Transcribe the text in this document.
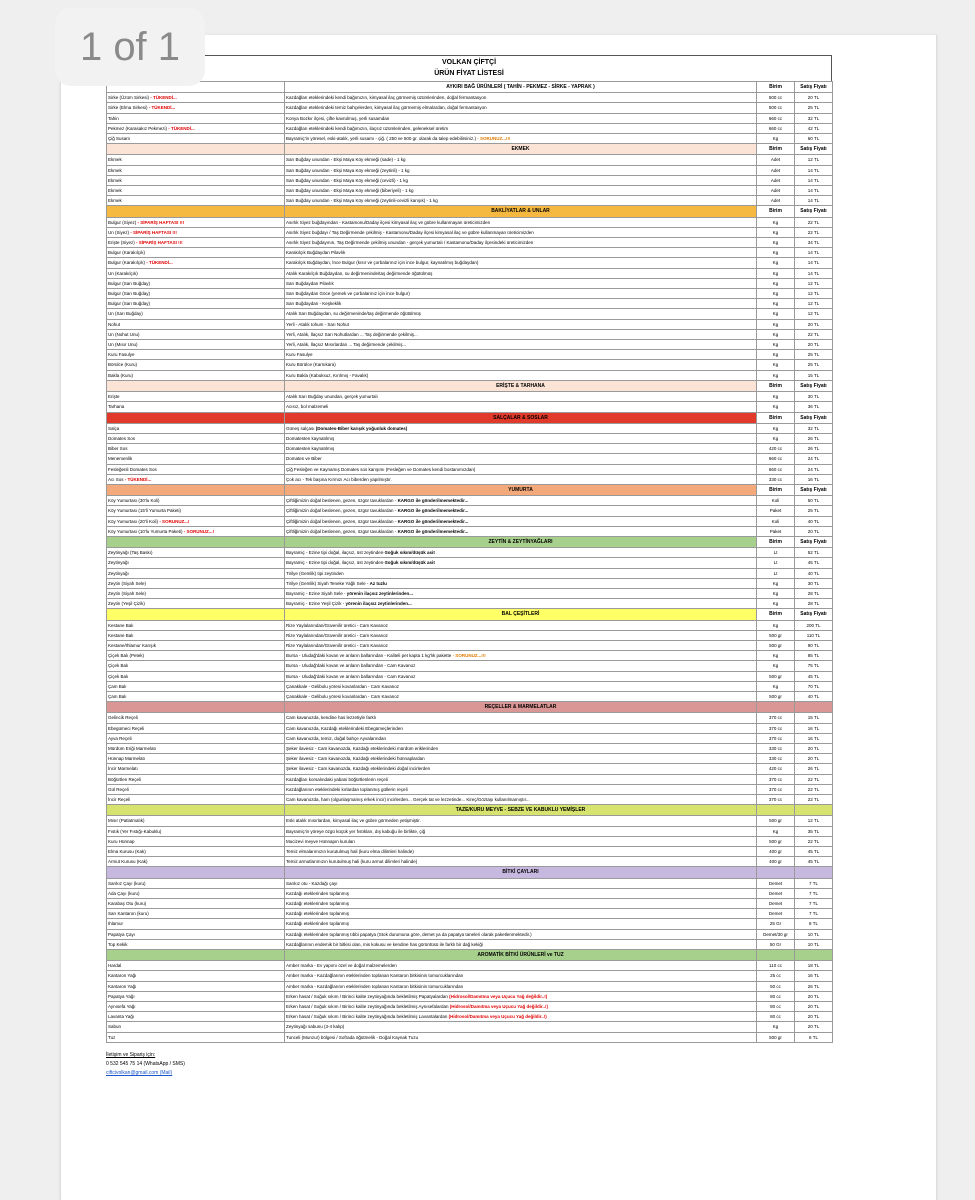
1 of 1	VOLKAN ÇİFTÇİ
ÜRÜN FİYAT LİSTESİ
	AYKIRI BAĞ ÜRÜNLERİ ( TAHİN - PEKMEZ - SİRKE - YAPRAK )	Birim	Satış Fiyatı
Sirke (Üzüm Sirkesi) - TÜKENDİ...	Kazdağları eteklerindeki kendi bağımızın, kimyasal ilaç görmemiş üzümlerinden, doğal fermantasyon	500 cc	20 TL
Sirke (Elma Sirkesi) - TÜKENDİ...	Kazdağları eteklerindeki temiz bahçelerden, kimyasal ilaç görmemiş elmalardan, doğal fermantasyon	500 cc	25 TL
Tahin	Konya Bozkır ilçesi, çifte kavrulmuş, yerli susamdan	660 cc	32 TL
Pekmez (Karasakız Pekmezi) - TÜKENDİ...	Kazdağları eteklerindeki kendi bağımızın, ilaçsız üzümlerinden, geleneksel üretim	660 cc	42 TL
Çiğ Susam	Bayramiç'in yöresel, eski-atalık, yerli susamı - çiğ. ( 250 ve 500 gr. olarak da talep edebilirsiniz.) - SORUNUZ...!!!	Kg	60 TL
	EKMEK	Birim	Satış Fiyatı
Ekmek	Sarı Buğday unundan - Ekşi Maya Köy ekmeği (sade) - 1 kg	Adet	12 TL
Ekmek	Sarı Buğday unundan - Ekşi Maya Köy ekmeği (zeytinli) - 1 kg	Adet	14 TL
Ekmek	Sarı Buğday unundan - Ekşi Maya Köy ekmeği (cevizli) - 1 kg	Adet	14 TL
Ekmek	Sarı Buğday unundan - Ekşi Maya Köy ekmeği (biberiyeli) - 1 kg	Adet	14 TL
Ekmek	Sarı Buğday unundan - Ekşi Maya Köy ekmeği (zeytinli-cevizli karışık) - 1 kg	Adet	14 TL
	BAKLİYATLAR & UNLAR	Birim	Satış Fiyatı
Bulgur (Siyez) - SİPARİŞ HAFTASI !!!	Asırlık Siyez buğdayından - Kastamonu/Daday ilçesi kimyasal ilaç ve gübre kullanmayan üreticimizden	Kg	22 TL
Un (Siyez) - SİPARİŞ HAFTASI !!!	Asırlık Siyez buğdayı / Taş Değirmende çekilmiş - Kastamonu/Daday ilçesi kimyasal ilaç ve gübre kullanmayan üreticimizden	Kg	22 TL
Erişte (Siyez) - SİPARİŞ HAFTASI !!!	Asırlık Siyez buğdayının, Taş Değirmende çekilmiş unundan - gerçek yumurtalı / Kastamonu/Daday ilçesindeki üreticimizden	Kg	34 TL
Bulgur (Karakılçık)	Karakılçık Buğdaydan Pilavlık	Kg	14 TL
Bulgur (Karakılçık) - TÜKENDİ...	Karakılçık Buğdaydan, İnce Bulgur (kısır ve çorbalarınız için ince bulgur, kaynatılmış buğdaydan)	Kg	14 TL
Un (Karakılçık)	Atalık Karakılçık Buğdaydan, su değirmeninde/taş değirmende öğütülmüş	Kg	14 TL
Bulgur (Sarı Buğday)	Sarı Buğdaydan Pilavlık	Kg	12 TL
Bulgur (Sarı Buğday)	Sarı Buğdaydan Göce (yemek ve çorbalarınız için ince bulgur)	Kg	12 TL
Bulgur (Sarı Buğday)	Sarı Buğdaydan - Keşkeklik	Kg	12 TL
Un (Sarı Buğday)	Atalık Sarı Buğdaydan, su değirmeninde/taş değirmende öğütülmüş	Kg	12 TL
Nohut	Yerli - Atalık tohum - Sarı Nohut	Kg	20 TL
Un (Nohut Unu)	Yerli, Atalık, İlaçsız Sarı Nohutlardan ... Taş değirmende çekilmiş...	Kg	22 TL
Un (Mısır Unu)	Yerli, Atalık, İlaçsız Mısırlardan ... Taş değirmende çekilmiş...	Kg	20 TL
Kuru Fasulye	Kuru Fasulye	Kg	25 TL
Börülce (Kuru)	Kuru Börülce (Karnıkara)	Kg	25 TL
Bakla (Kuru)	Kuru Bakla (Kabuksuz, Kırılmış - Favalık)	Kg	15 TL
	ERİŞTE & TARHANA	Birim	Satış Fiyatı
Erişte	Atalık Sarı Buğday unundan, gerçek yumurtalı	Kg	30 TL
Tarhana	Acısız, bol malzemeli	Kg	36 TL
	SALÇALAR & SOSLAR	Birim	Satış Fiyatı
Salça	Güneş salçası (Domates-Biber karışık yoğunluk domates)	Kg	32 TL
Domates Sos	Domatesten kaynatılmış	Kg	26 TL
Biber Sos	Domatesten kaynatılmış	420 cc	26 TL
Menemenlik	Domates ve Biber	660 cc	24 TL
Fesleğenli Domates Sos	Çiğ Fesleğen ve Kaynamış Domates sos karışımı (Fesleğen ve Domates kendi bostanımızdan)	660 cc	24 TL
Acı Sos - TÜKENDİ...	Çok acı - Tek başına Kırmızı Acı biberden yapılmıştır.	330 cc	16 TL
	YUMURTA	Birim	Satış Fiyatı
Köy Yumurtası (30'lu Koli)	Çiftliğimizin doğal beslenen, gezen, özgür tavuklardan - KARGO ile gönderilmemektedir...	Koli	50 TL
Köy Yumurtası (15'li Yumurta Paketi)	Çiftliğimizin doğal beslenen, gezen, özgür tavuklardan - KARGO ile gönderilmemektedir...	Paket	25 TL
Köy Yumurtası (20'li Koli) - SORUNUZ...!	Çiftliğimizin doğal beslenen, gezen, özgür tavuklardan - KARGO ile gönderilmemektedir...	Koli	40 TL
Köy Yumurtası (10'lu Yumurta Paketi) - SORUNUZ...!	Çiftliğimizin doğal beslenen, gezen, özgür tavuklardan - KARGO ile gönderilmemektedir...	Paket	20 TL
	ZEYTİN & ZEYTİNYAĞLARI	Birim	Satış Fiyatı
Zeytinyağı (Taş Baskı)	Bayramiç - Ezine tipi doğal, ilaçsız, üst zeytinden-Soğuk sıkım/düşük asit	Lt	52 TL
Zeytinyağı	Bayramiç - Ezine tipi doğal, ilaçsız, üst zeytinden-Soğuk sıkım/düşük asit	Lt	45 TL
Zeytinyağı	Tirilye (Gemlik) tipi zeytinden	Lt	40 TL
Zeytin (Siyah Sele)	Tirilye (Gemlik) Siyah Teneke Yağlı Sele - Az tuzlu	Kg	30 TL
Zeytin (Siyah Sele)	Bayramiç - Ezine Siyah Sele - yörenin ilaçsız zeytinlerinden...	Kg	28 TL
Zeytin (Yeşil Çizik)	Bayramiç - Ezine Yeşil Çizik - yörenin ilaçsız zeytinlerinden...	Kg	28 TL
	BAL ÇEŞİTLERİ	Birim	Satış Fiyatı
Kestane Balı	Rize Yaylalarından/Güvenilir üretici - Cam Kavanoz	Kg	200 TL
Kestane Balı	Rize Yaylalarından/Güvenilir üretici - Cam Kavanoz	500 gr	110 TL
Kestane/Ihlamur Karışık	Rize Yaylalarından/Güvenilir üretici - Cam Kavanoz	500 gr	90 TL
Çiçek Balı (Petek)	Bursa - Uludağ'daki kovan ve arıların ballarından - Kaliteli pet kapta 1 kg'lık pakette - SORUNUZ...!!!	Kg	85 TL
Çiçek Balı	Bursa - Uludağ'daki kovan ve arıların ballarından - Cam Kavanoz	Kg	75 TL
Çiçek Balı	Bursa - Uludağ'daki kovan ve arıların ballarından - Cam Kavanoz	500 gr	45 TL
Çam Balı	Çanakkale - Gelibolu yöresi kovanlardan - Cam Kavanoz	Kg	70 TL
Çam Balı	Çanakkale - Gelibolu yöresi kovanlardan - Cam Kavanoz	500 gr	40 TL
	REÇELLER & MARMELATLAR		
Gelincik Reçeli	Cam kavanozda, kendine has lezzetiyle farklı	370 cc	15 TL
Ebegümeci Reçeli	Cam kavanozda, Kazdağı eteklerindeki Ebegümeçlerinden	370 cc	16 TL
Ayva Reçeli	Cam kavanozda, temiz, doğal bahçe Ayvalarından	370 cc	16 TL
Mürdüm Eriği Marmelatı	Şeker ilavesiz - Cam kavanozda, Kazdağı eteklerindeki mürdüm eriklerinden	330 cc	20 TL
Hünnap Marmelatı	Şeker ilavesiz - Cam kavanozda, Kazdağı eteklerindeki hünnaplardan	330 cc	20 TL
İncir Marmelatı	Şeker ilavesiz - Cam kavanozda, Kazdağı eteklerindeki doğal incirlerden	420 cc	26 TL
Böğürtlen Reçeli	Kazdağları korsalındaki yabani böğürtlenlerin reçeli	370 cc	22 TL
Gül Reçeli	Kazdağlarının eteklerindeki kırlardan toplanmış güllerin reçeli	370 cc	22 TL
İncir Reçeli	Cam kavanozda, ham (olgunlaşmamış erkek incir) incirlerden... Gerçek tat ve lezzetinde... Kireç/Göztaşı kullanılmamıştır...	370 cc	22 TL
	TAZE/KURU MEYVE - SEBZE VE KABUKLU YEMİŞLER		
Mısır (Patlatmalık)	Eski atalık mısırlardan, kimyasal ilaç ve gübre görmeden yetişmiştir.	500 gr	12 TL
Fıstık (Yer Fıstığı-Kabuklu)	Bayramiç'in yöreye özgü küçük yer fıstıkları, dış kabuğu ile birlikte, çiğ	Kg	35 TL
Kuru Hünnap	Mucizevi meyve Hünnapın kuruları	500 gr	22 TL
Elma Kurusu (Kak)	Temiz elmalarımızın kurutulmuş hali (kuru elma dilimleri halinde)	400 gr	45 TL
Armut Kurusu (Kak)	Temiz armutlarımızın kurutulmuş hali (kuru armut dilimleri halinde)	400 gr	45 TL
	BİTKİ ÇAYLARI		
Sarıkız Çayı (kuru)	Sarıkız otu - Kazdağı çayı	Demet	7 TL
Ada Çayı (kuru)	Kazdağı eteklerinden toplanmış	Demet	7 TL
Karabaş Otu (kuru)	Kazdağı eteklerinden toplanmış	Demet	7 TL
Sarı Kantaron (kuru)	Kazdağı eteklerinden toplanmış	Demet	7 TL
Ihlamur	Kazdağı eteklerinden toplanmış	25 Gr	8 TL
Papatya Çayı	Kazdağı eteklerinden toplanmış tıbbi papatya (Stok durumuna göre, demet ya da papatya taneleri olarak paketlenmektedir.)	Demet/30 gr	10 TL
Top Kekik	Kazdağlarının endemik bir bitkisi olan, mis kokusu ve kendine has görüntüsü ile farklı bir dağ kekiği	50 Gr	10 TL
	AROMATİK BİTKİ ÜRÜNLERİ ve TUZ		
Hardal	Amber marka - Ev yapımı özel ve doğal malzemelerden	110 cc	18 TL
Kantaron Yağı	Amber marka - Kazdağlarının eteklerinden toplanan Kantaron bitkisinin tomurcuklarından	25 cc	16 TL
Kantaron Yağı	Amber marka - Kazdağlarının eteklerinden toplanan Kantaron bitkisinin tomurcuklarından	50 cc	26 TL
Papatya Yağı	Erken hasat / Soğuk sıkım / Birinci kalite zeytinyağında bekletilmiş Papatyalardan (Hidrosol/Damıtma veya Uçucu Yağ değildir..!)	80 cc	20 TL
Aynısefa Yağı	Erken hasat / Soğuk sıkım / Birinci kalite zeytinyağında bekletilmiş Aynısefalardan (Hidrosol/Damıtma veya Uçucu Yağ değildir..!)	80 cc	20 TL
Lavanta Yağı	Erken hasat / Soğuk sıkım / Birinci kalite zeytinyağında bekletilmiş Lavantalardan (Hidrosol/Damıtma veya Uçucu Yağ değildir..!)	80 cc	20 TL
Sabun	Zeytinyağı sabunu (3-4 kalıp)	Kg	20 TL
Tuz	Tunceli (Munzur) bölgesi / Sofrada öğütmelik - Doğal Kaynak Tuzu	500 gr	6 TL
İletişim ve Sipariş için:
0 532 545 75 14 (WhatsApp / SMS)
ciftcivolkan@gmail.com (Mail)
